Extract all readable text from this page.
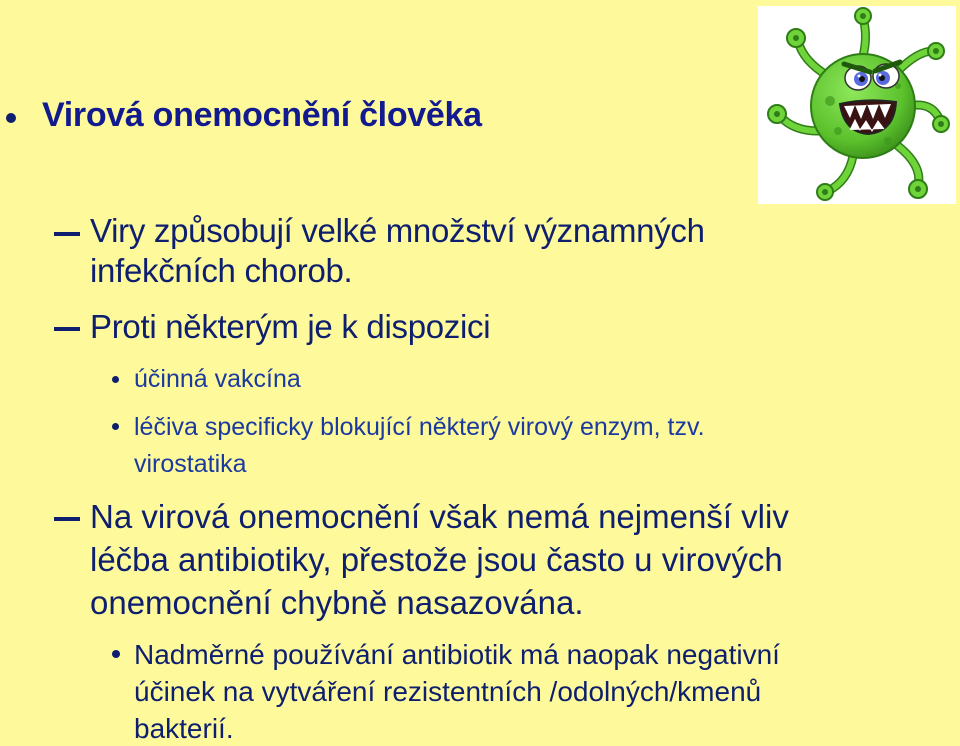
Virová onemocnění člověka
Viry způsobují velké množství významných
infekčních chorob.
Proti některým je k dispozici
účinná vakcína
léčiva specificky blokující některý virový enzym, tzv.
virostatika
Na virová onemocnění však nemá nejmenší vliv
léčba antibiotiky, přestože jsou často u virových
onemocnění chybně nasazována.
Nadměrné používání antibiotik má naopak negativní
účinek na vytváření rezistentních /odolných/kmenů
bakterií.
